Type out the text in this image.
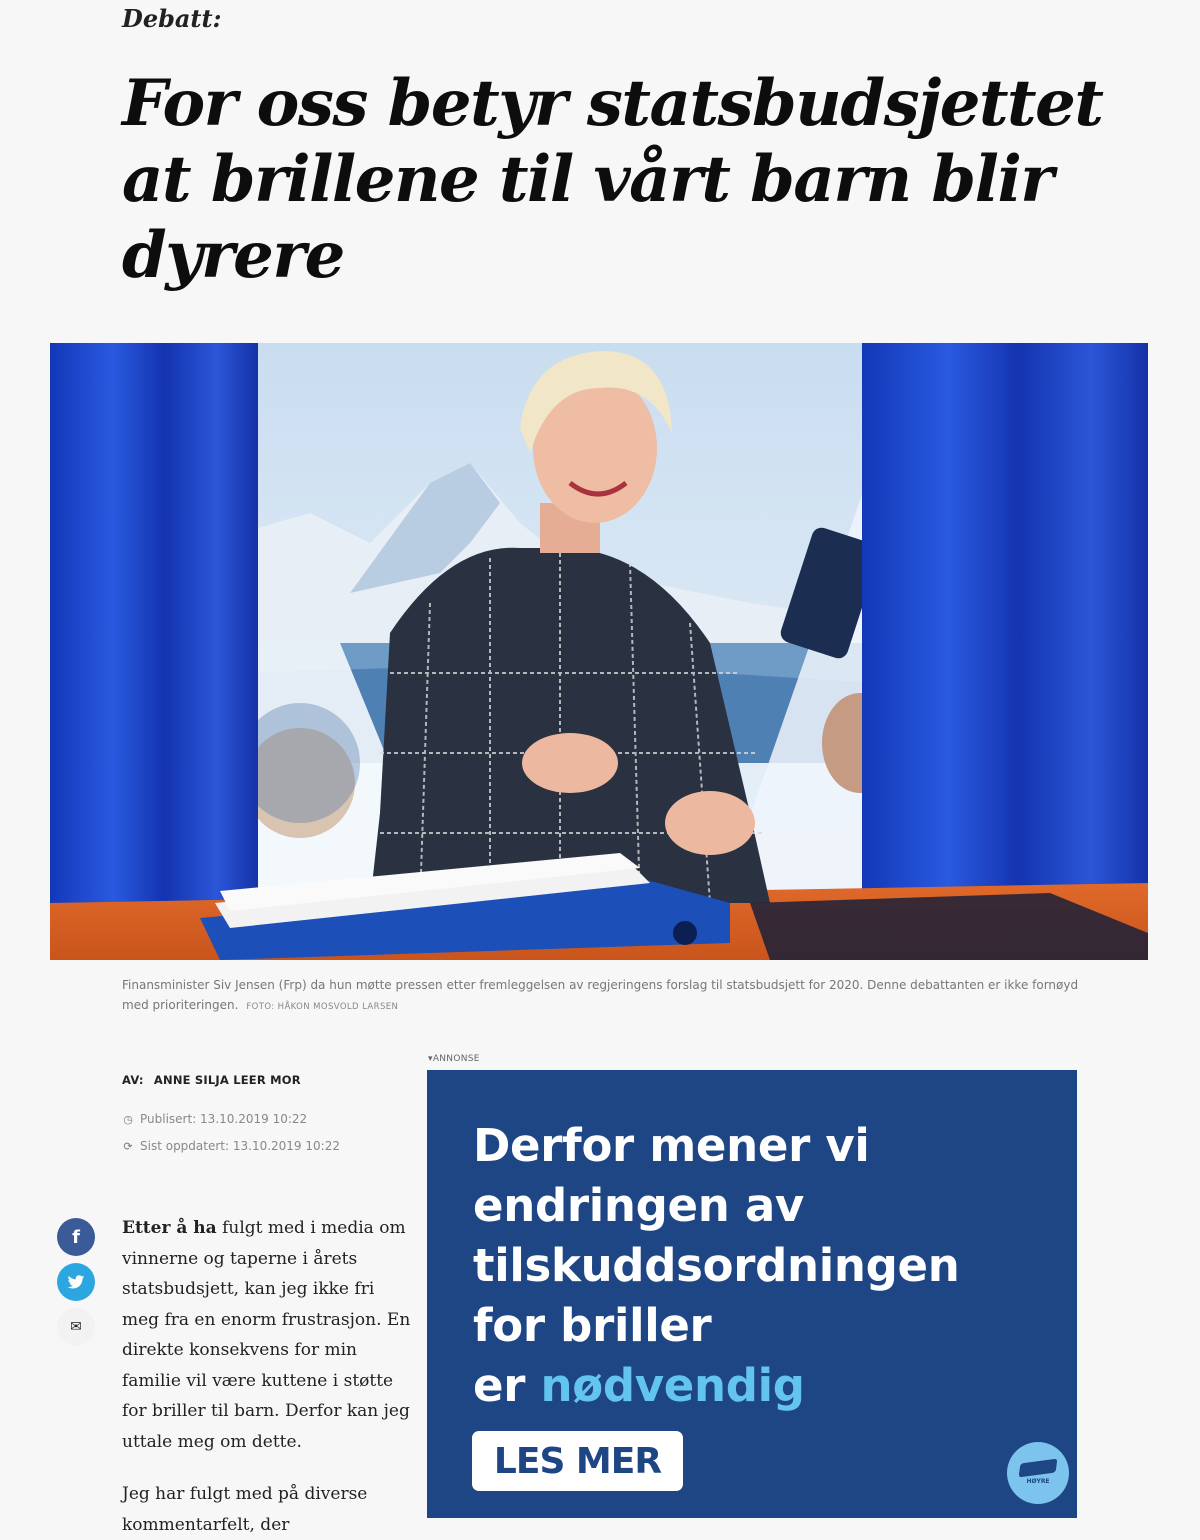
Debatt:
For oss betyr statsbudsjettet at brillene til vårt barn blir dyrere
Finansminister Siv Jensen (Frp) da hun møtte pressen etter fremleggelsen av regjeringens forslag til statsbudsjett for 2020. Denne debattanten er ikke fornøyd med prioriteringen. FOTO: HÅKON MOSVOLD LARSEN
AV: ANNE SILJA LEER MOR
◷ Publisert: 13.10.2019 10:22
⟳ Sist oppdatert: 13.10.2019 10:22
f
✉

Etter å ha fulgt med i media om vinnerne og taperne i årets statsbudsjett, kan jeg ikke fri meg fra en enorm frustrasjon. En direkte konsekvens for min familie vil være kuttene i støtte for briller til barn. Derfor kan jeg uttale meg om dette.

Jeg har fulgt med på diverse kommentarfelt, der

▾ANNONSE
Derfor mener vi
endringen av
tilskuddsordningen
for briller
er nødvendig
LES MER	HØYRE
